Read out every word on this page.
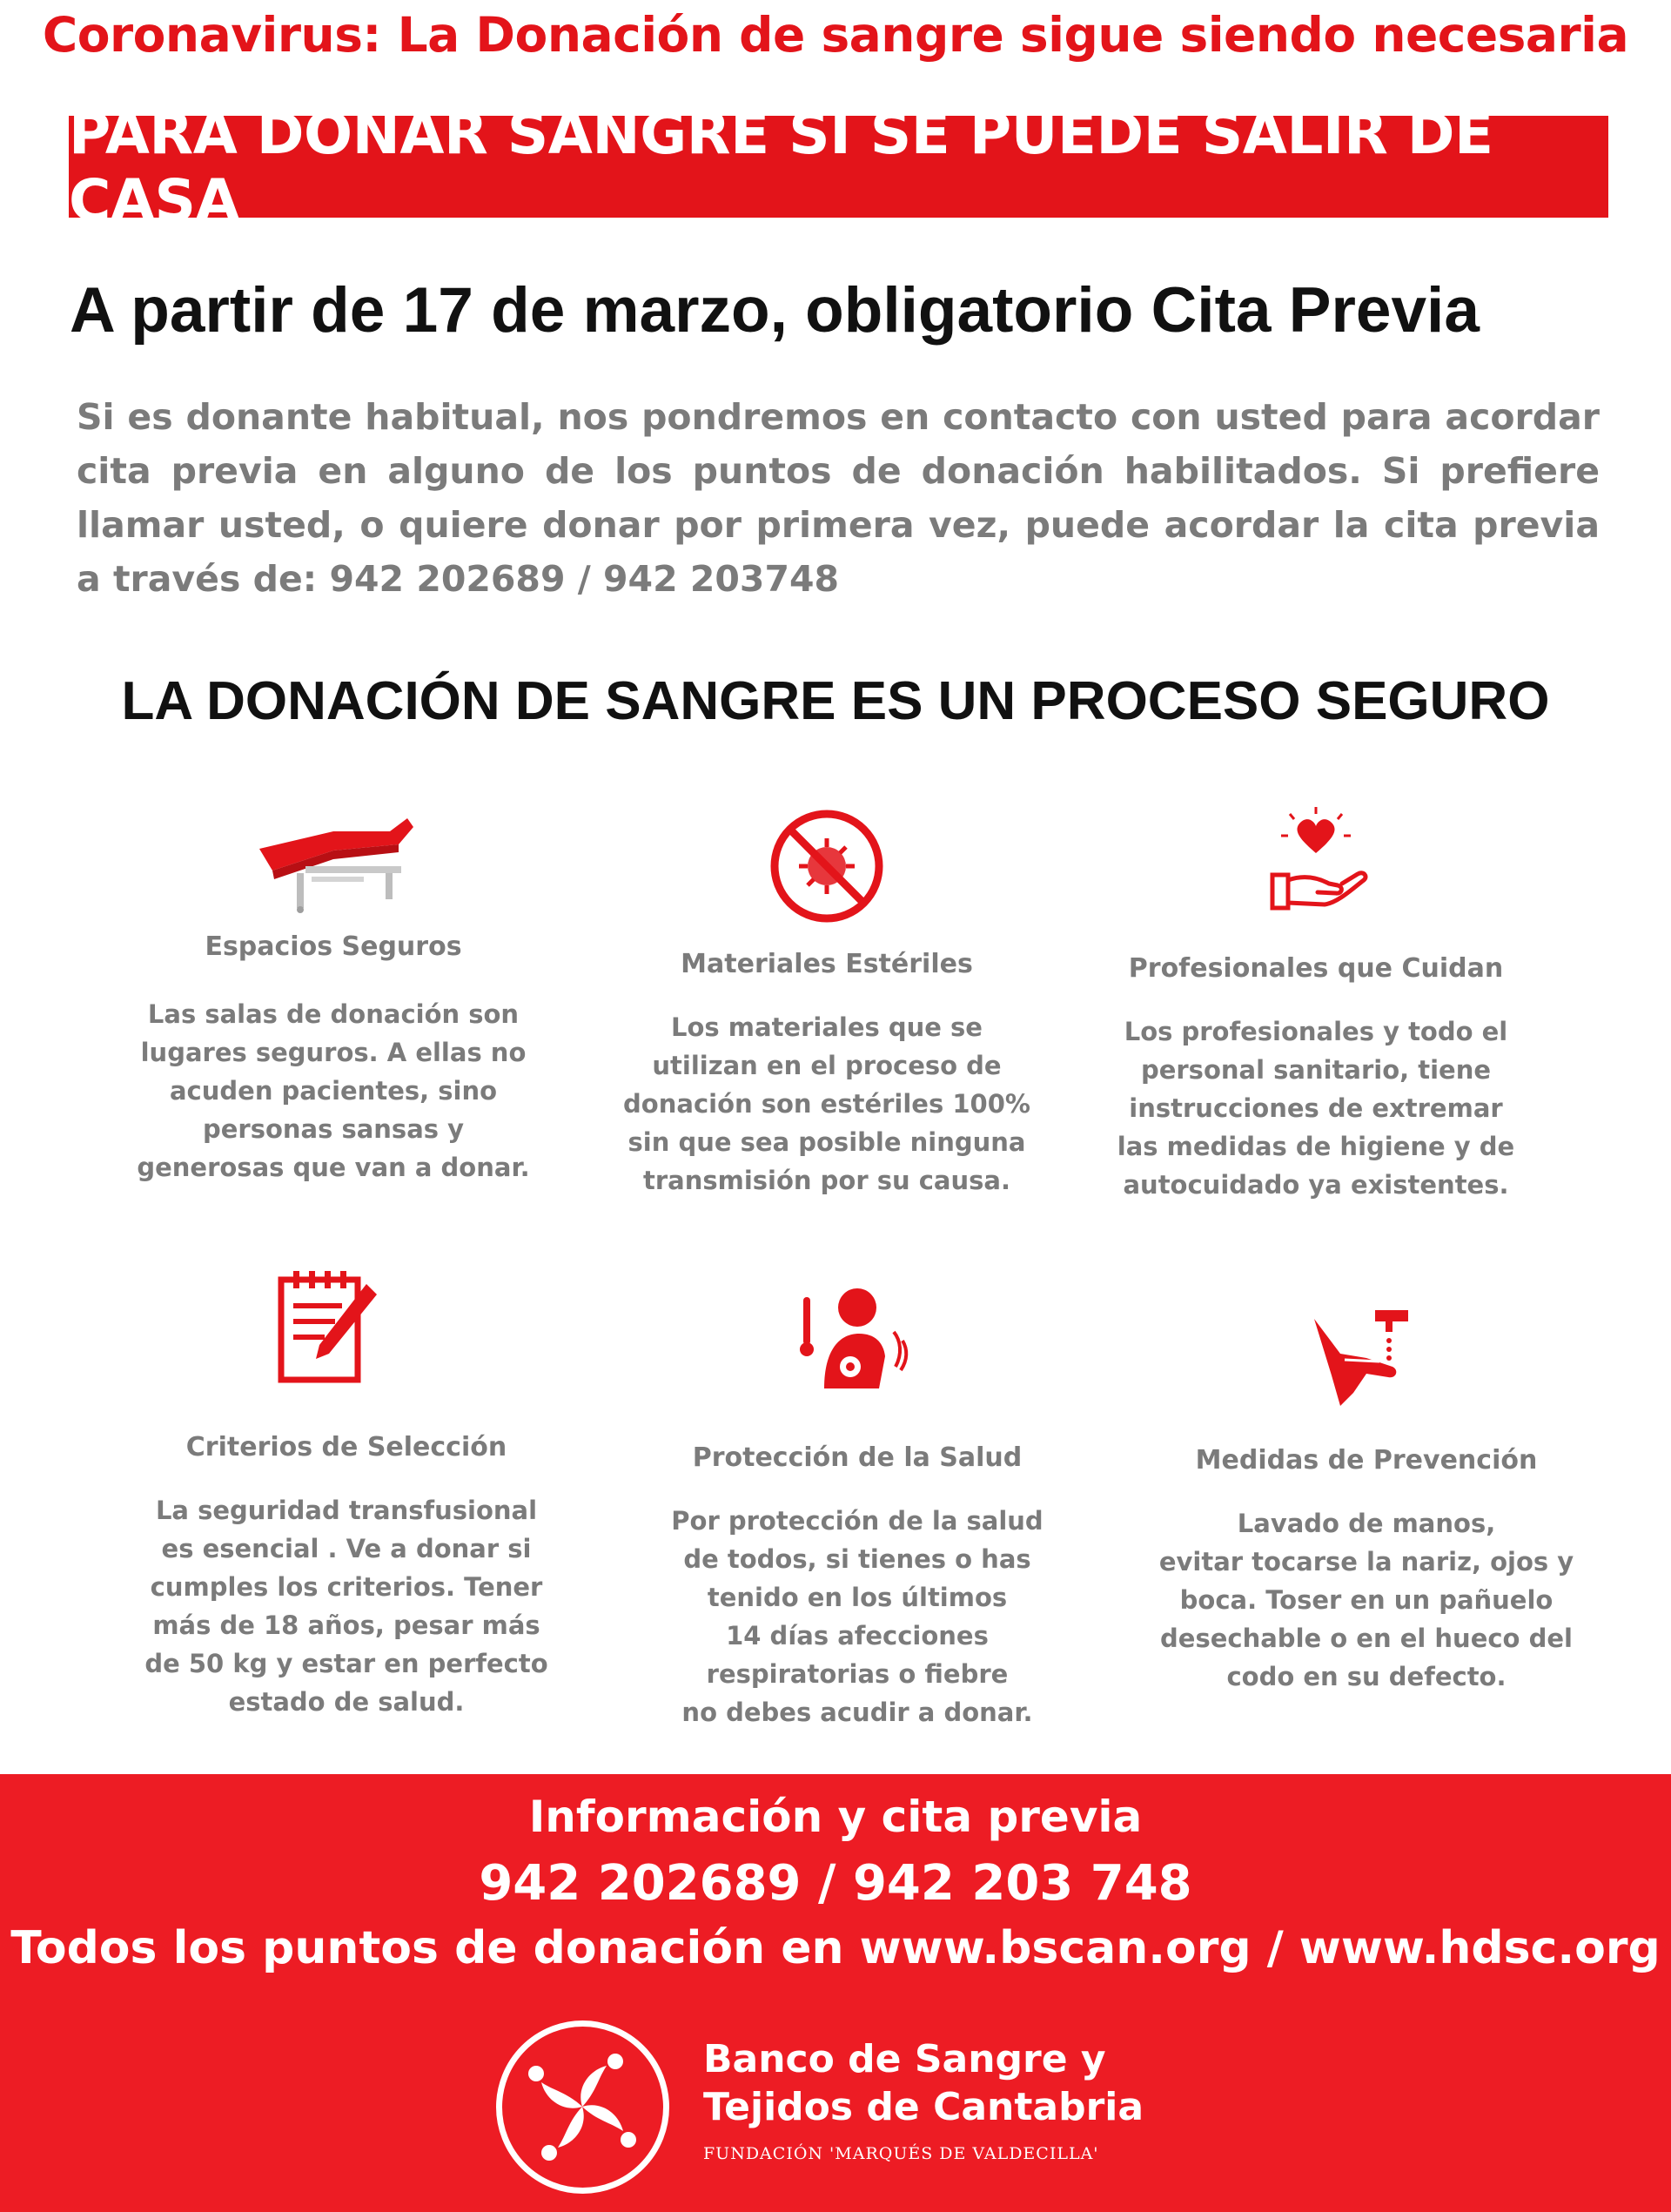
Coronavirus: La Donación de sangre sigue siendo necesaria
PARA DONAR SANGRE SÍ SE PUEDE SALIR DE CASA
A partir de 17 de marzo, obligatorio Cita Previa
Si es donante habitual, nos pondremos en contacto con usted para acordar cita previa en alguno de los puntos de donación habilitados. Si prefiere llamar usted, o quiere donar por primera vez, puede acordar la cita previa a través de: 942 202689 / 942 203748
LA DONACIÓN DE SANGRE ES UN PROCESO SEGURO
Espacios Seguros
Las salas de donación son
lugares seguros. A ellas no
acuden pacientes, sino
personas sansas y
generosas que van a donar.
Materiales Estériles
Los materiales que se
utilizan en el proceso de
donación son estériles 100%
sin que sea posible ninguna
transmisión por su causa.
Profesionales que Cuidan
Los profesionales y todo el
personal sanitario, tiene
instrucciones de extremar
las medidas de higiene y de
autocuidado ya existentes.
Criterios de Selección
La seguridad transfusional
es esencial . Ve a donar si
cumples los criterios. Tener
más de 18 años, pesar más
de 50 kg y estar en perfecto
estado de salud.
Protección de la Salud
Por protección de la salud
de todos, si tienes o has
tenido en los últimos
14 días afecciones
respiratorias o fiebre
no debes acudir a donar.
Medidas de Prevención
Lavado de manos,
evitar tocarse la nariz, ojos y
boca. Toser en un pañuelo
desechable o en el hueco del
codo en su defecto.
Información y cita previa
942 202689 / 942 203 748
Todos los puntos de donación en www.bscan.org / www.hdsc.org
Banco de Sangre y
Tejidos de Cantabria
FUNDACIÓN 'MARQUÉS DE VALDECILLA'
